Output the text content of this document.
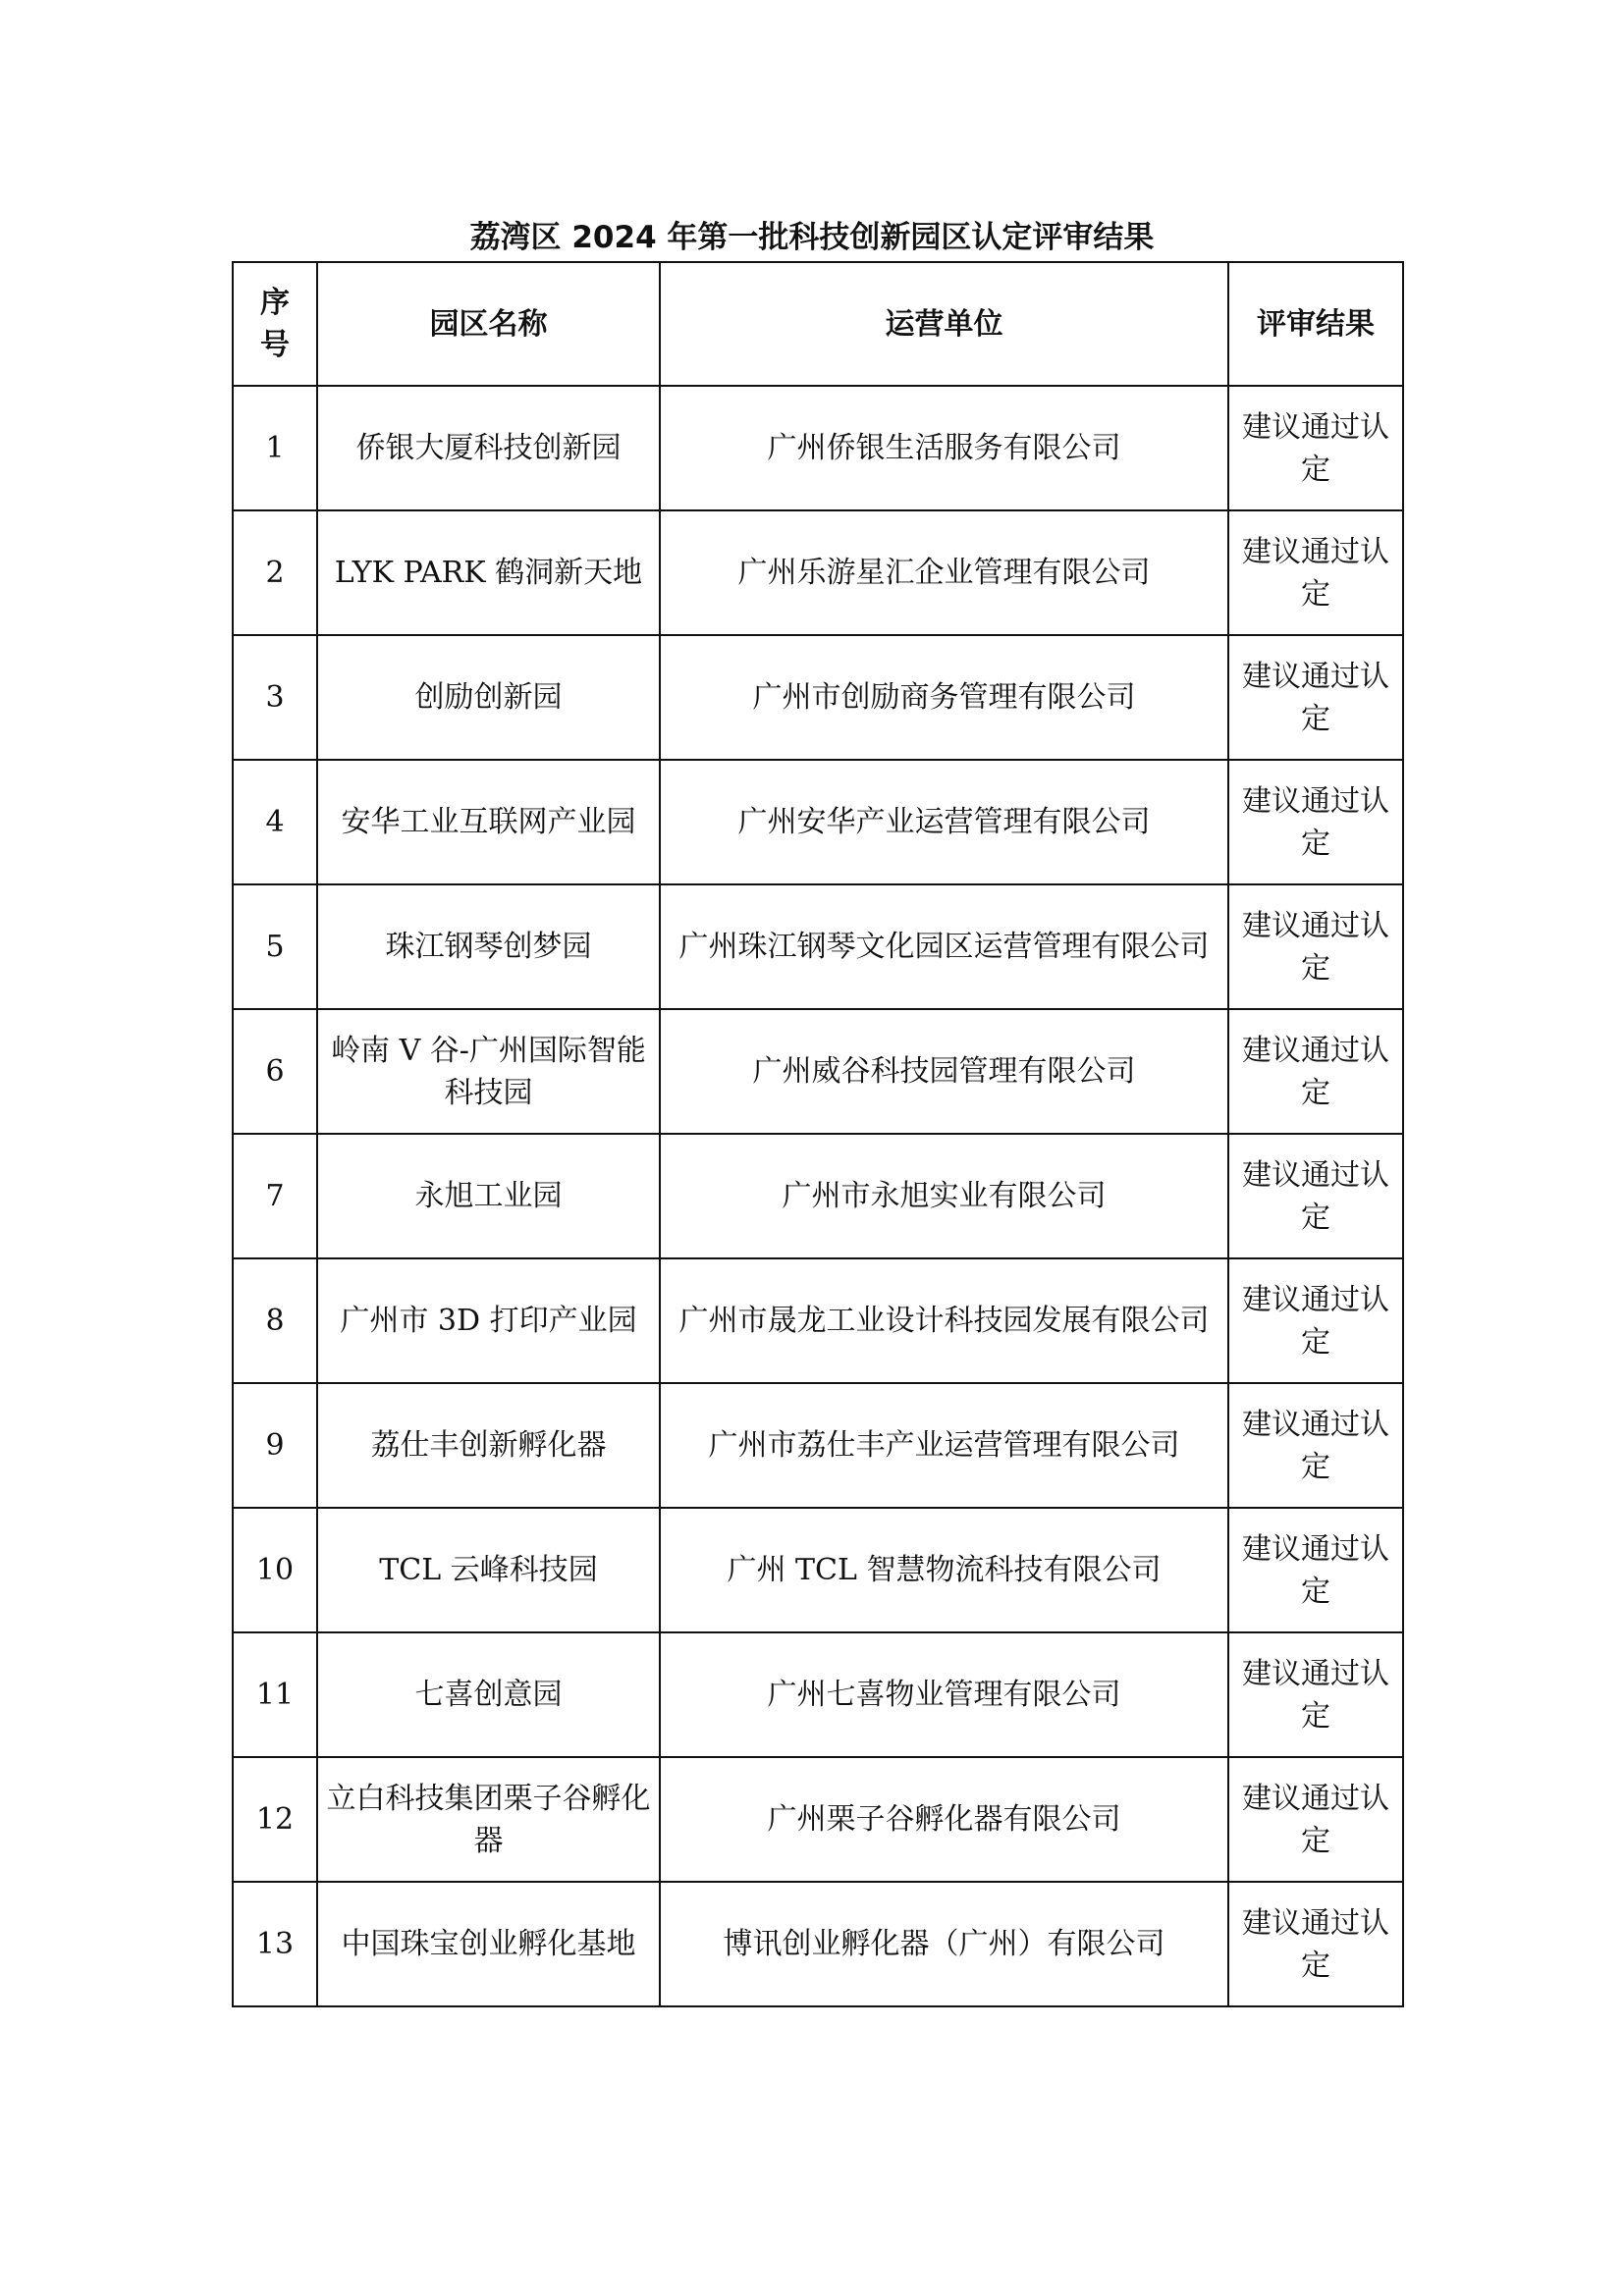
荔湾区 2024 年第一批科技创新园区认定评审结果
序
号	园区名称	运营单位	评审结果
1	侨银大厦科技创新园	广州侨银生活服务有限公司	建议通过认定
2	LYK PARK 鹤洞新天地	广州乐游星汇企业管理有限公司	建议通过认定
3	创励创新园	广州市创励商务管理有限公司	建议通过认定
4	安华工业互联网产业园	广州安华产业运营管理有限公司	建议通过认定
5	珠江钢琴创梦园	广州珠江钢琴文化园区运营管理有限公司	建议通过认定
6	岭南 V 谷-广州国际智能科技园	广州威谷科技园管理有限公司	建议通过认定
7	永旭工业园	广州市永旭实业有限公司	建议通过认定
8	广州市 3D 打印产业园	广州市晟龙工业设计科技园发展有限公司	建议通过认定
9	荔仕丰创新孵化器	广州市荔仕丰产业运营管理有限公司	建议通过认定
10	TCL 云峰科技园	广州 TCL 智慧物流科技有限公司	建议通过认定
11	七喜创意园	广州七喜物业管理有限公司	建议通过认定
12	立白科技集团栗子谷孵化器	广州栗子谷孵化器有限公司	建议通过认定
13	中国珠宝创业孵化基地	博讯创业孵化器（广州）有限公司	建议通过认定
